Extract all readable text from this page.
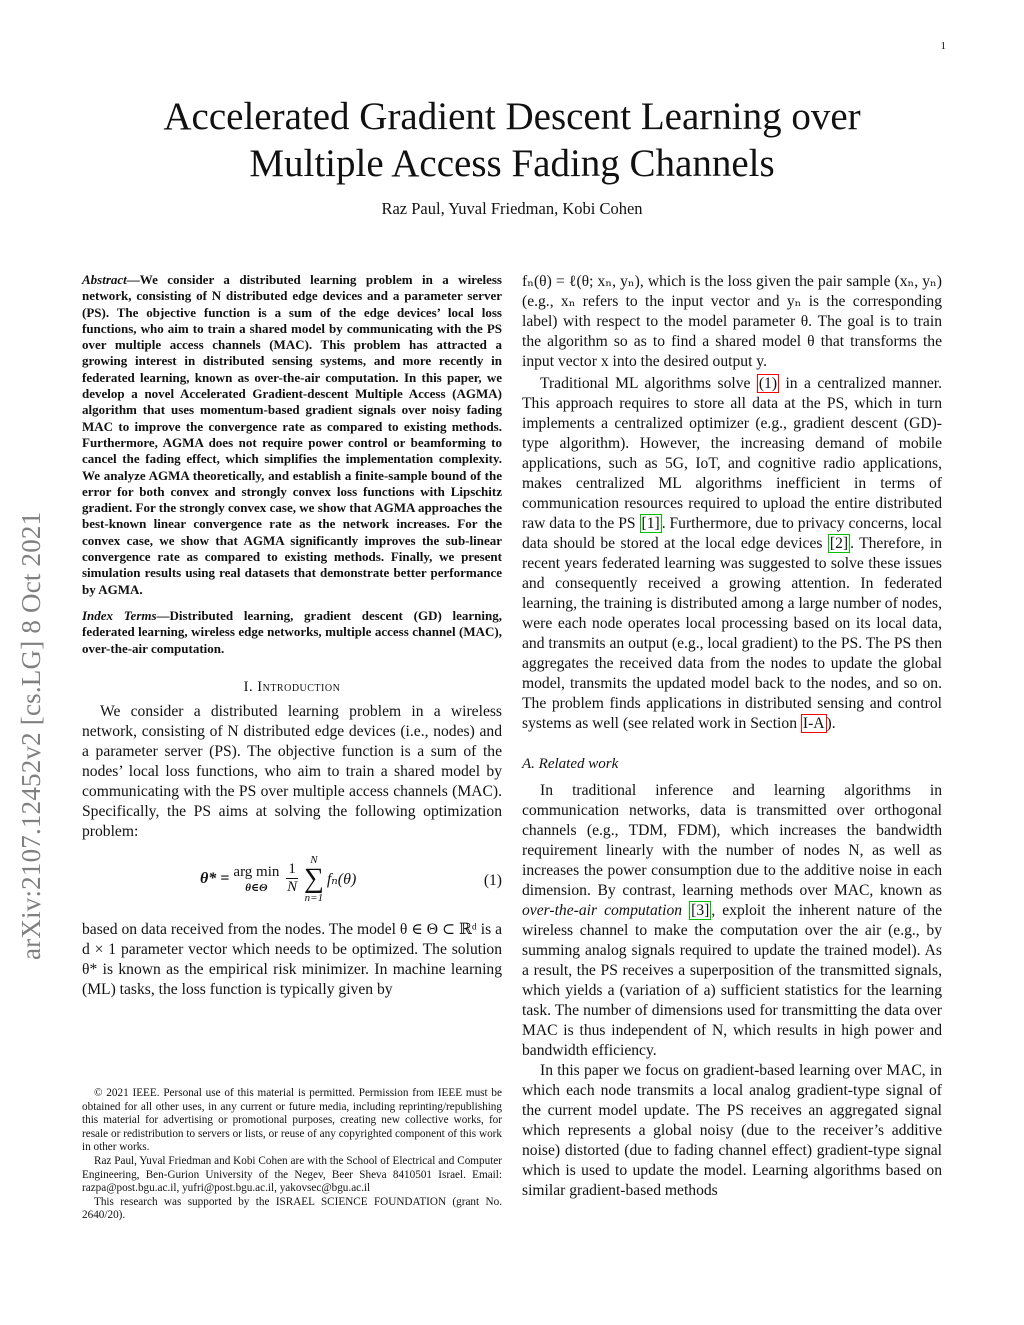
1
arXiv:2107.12452v2 [cs.LG] 8 Oct 2021
Accelerated Gradient Descent Learning over
Multiple Access Fading Channels
Raz Paul, Yuval Friedman, Kobi Cohen

Abstract—We consider a distributed learning problem in a wireless network, consisting of N distributed edge devices and a parameter server (PS). The objective function is a sum of the edge devices’ local loss functions, who aim to train a shared model by communicating with the PS over multiple access channels (MAC). This problem has attracted a growing interest in distributed sensing systems, and more recently in federated learning, known as over-the-air computation. In this paper, we develop a novel Accelerated Gradient-descent Multiple Access (AGMA) algorithm that uses momentum-based gradient signals over noisy fading MAC to improve the convergence rate as compared to existing methods. Furthermore, AGMA does not require power control or beamforming to cancel the fading effect, which simplifies the implementation complexity. We analyze AGMA theoretically, and establish a finite-sample bound of the error for both convex and strongly convex loss functions with Lipschitz gradient. For the strongly convex case, we show that AGMA approaches the best-known linear convergence rate as the network increases. For the convex case, we show that AGMA significantly improves the sub-linear convergence rate as compared to existing methods. Finally, we present simulation results using real datasets that demonstrate better performance by AGMA.

Index Terms—Distributed learning, gradient descent (GD) learning, federated learning, wireless edge networks, multiple access channel (MAC), over-the-air computation.

I. Introduction

We consider a distributed learning problem in a wireless network, consisting of N distributed edge devices (i.e., nodes) and a parameter server (PS). The objective function is a sum of the nodes’ local loss functions, who aim to train a shared model by communicating with the PS over multiple access channels (MAC). Specifically, the PS aims at solving the following optimization problem:

θ* = arg min
θ∈Θ $\frac{1}{N}$
N
∑
n=1
fₙ(θ)	(1)

based on data received from the nodes. The model θ ∈ Θ ⊂ ℝᵈ is a d × 1 parameter vector which needs to be optimized. The solution θ* is known as the empirical risk minimizer. In machine learning (ML) tasks, the loss function is typically given by

© 2021 IEEE. Personal use of this material is permitted. Permission from IEEE must be obtained for all other uses, in any current or future media, including reprinting/republishing this material for advertising or promotional purposes, creating new collective works, for resale or redistribution to servers or lists, or reuse of any copyrighted component of this work in other works.

Raz Paul, Yuval Friedman and Kobi Cohen are with the School of Electrical and Computer Engineering, Ben-Gurion University of the Negev, Beer Sheva 8410501 Israel. Email: razpa@post.bgu.ac.il, yufri@post.bgu.ac.il, yakovsec@bgu.ac.il

This research was supported by the ISRAEL SCIENCE FOUNDATION (grant No. 2640/20).

fₙ(θ) = ℓ(θ; xₙ, yₙ), which is the loss given the pair sample (xₙ, yₙ) (e.g., xₙ refers to the input vector and yₙ is the corresponding label) with respect to the model parameter θ. The goal is to train the algorithm so as to find a shared model θ that transforms the input vector x into the desired output y.

Traditional ML algorithms solve (1) in a centralized manner. This approach requires to store all data at the PS, which in turn implements a centralized optimizer (e.g., gradient descent (GD)-type algorithm). However, the increasing demand of mobile applications, such as 5G, IoT, and cognitive radio applications, makes centralized ML algorithms inefficient in terms of communication resources required to upload the entire distributed raw data to the PS [1] . Furthermore, due to privacy concerns, local data should be stored at the local edge devices [2] . Therefore, in recent years federated learning was suggested to solve these issues and consequently received a growing attention. In federated learning, the training is distributed among a large number of nodes, were each node operates local processing based on its local data, and transmits an output (e.g., local gradient) to the PS. The PS then aggregates the received data from the nodes to update the global model, transmits the updated model back to the nodes, and so on. The problem finds applications in distributed sensing and control systems as well (see related work in Section I-A ).

A. Related work

In traditional inference and learning algorithms in communication networks, data is transmitted over orthogonal channels (e.g., TDM, FDM), which increases the bandwidth requirement linearly with the number of nodes N, as well as increases the power consumption due to the additive noise in each dimension. By contrast, learning methods over MAC, known as over-the-air computation [3] , exploit the inherent nature of the wireless channel to make the computation over the air (e.g., by summing analog signals required to update the trained model). As a result, the PS receives a superposition of the transmitted signals, which yields a (variation of a) sufficient statistics for the learning task. The number of dimensions used for transmitting the data over MAC is thus independent of N, which results in high power and bandwidth efficiency.

In this paper we focus on gradient-based learning over MAC, in which each node transmits a local analog gradient-type signal of the current model update. The PS receives an aggregated signal which represents a global noisy (due to the receiver’s additive noise) distorted (due to fading channel effect) gradient-type signal which is used to update the model. Learning algorithms based on similar gradient-based methods
